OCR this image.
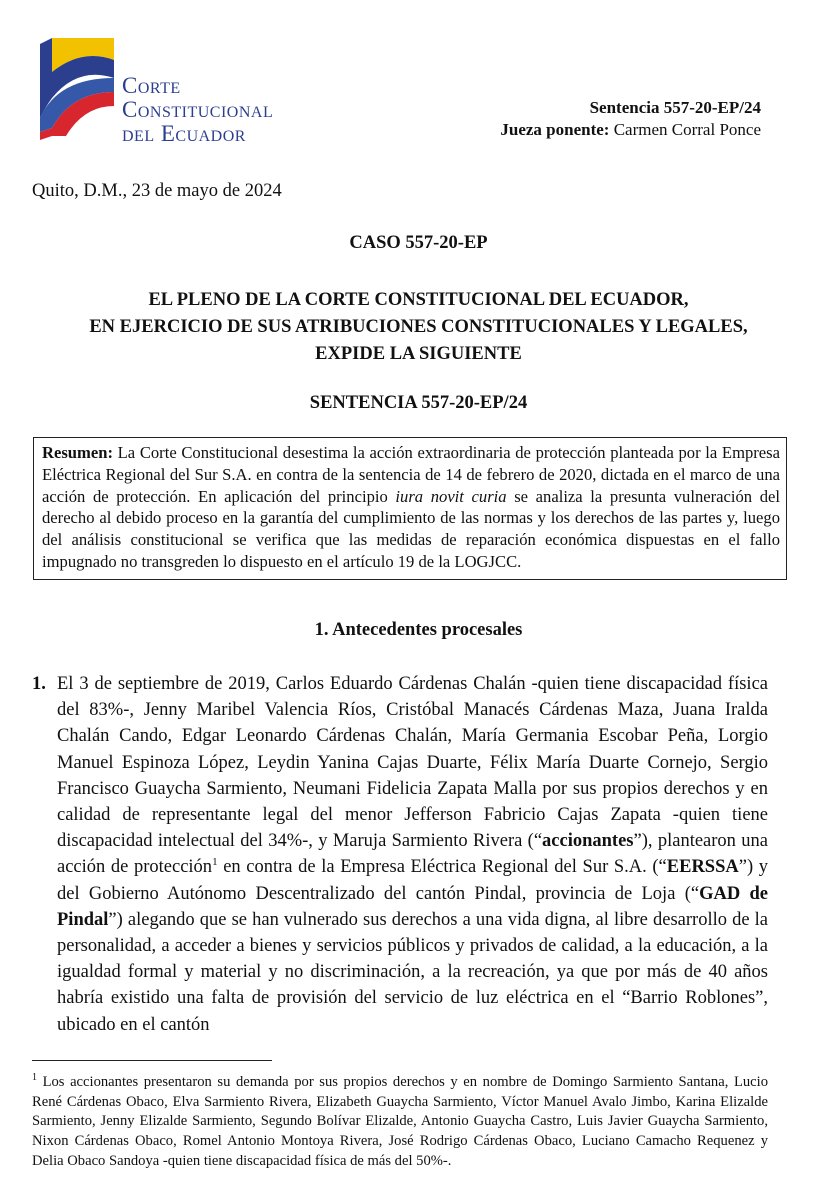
Corte
Constitucional
del Ecuador
Sentencia 557-20-EP/24
Jueza ponente: Carmen Corral Ponce
Quito, D.M., 23 de mayo de 2024
CASO 557-20-EP
EL PLENO DE LA CORTE CONSTITUCIONAL DEL ECUADOR,
EN EJERCICIO DE SUS ATRIBUCIONES CONSTITUCIONALES Y LEGALES,
EXPIDE LA SIGUIENTE
SENTENCIA 557-20-EP/24
Resumen: La Corte Constitucional desestima la acción extraordinaria de protección planteada por la Empresa Eléctrica Regional del Sur S.A. en contra de la sentencia de 14 de febrero de 2020, dictada en el marco de una acción de protección. En aplicación del principio iura novit curia se analiza la presunta vulneración del derecho al debido proceso en la garantía del cumplimiento de las normas y los derechos de las partes y, luego del análisis constitucional se verifica que las medidas de reparación económica dispuestas en el fallo impugnado no transgreden lo dispuesto en el artículo 19 de la LOGJCC.
1. Antecedentes procesales
1. El 3 de septiembre de 2019, Carlos Eduardo Cárdenas Chalán -quien tiene discapacidad física del 83%-, Jenny Maribel Valencia Ríos, Cristóbal Manacés Cárdenas Maza, Juana Iralda Chalán Cando, Edgar Leonardo Cárdenas Chalán, María Germania Escobar Peña, Lorgio Manuel Espinoza López, Leydin Yanina Cajas Duarte, Félix María Duarte Cornejo, Sergio Francisco Guaycha Sarmiento, Neumani Fidelicia Zapata Malla por sus propios derechos y en calidad de representante legal del menor Jefferson Fabricio Cajas Zapata -quien tiene discapacidad intelectual del 34%-, y Maruja Sarmiento Rivera (“accionantes”), plantearon una acción de protección$^1$ en contra de la Empresa Eléctrica Regional del Sur S.A. (“EERSSA”) y del Gobierno Autónomo Descentralizado del cantón Pindal, provincia de Loja (“GAD de Pindal”) alegando que se han vulnerado sus derechos a una vida digna, al libre desarrollo de la personalidad, a acceder a bienes y servicios públicos y privados de calidad, a la educación, a la igualdad formal y material y no discriminación, a la recreación, ya que por más de 40 años habría existido una falta de provisión del servicio de luz eléctrica en el “Barrio Roblones”, ubicado en el cantón
$^1$ Los accionantes presentaron su demanda por sus propios derechos y en nombre de Domingo Sarmiento Santana, Lucio René Cárdenas Obaco, Elva Sarmiento Rivera, Elizabeth Guaycha Sarmiento, Víctor Manuel Avalo Jimbo, Karina Elizalde Sarmiento, Jenny Elizalde Sarmiento, Segundo Bolívar Elizalde, Antonio Guaycha Castro, Luis Javier Guaycha Sarmiento, Nixon Cárdenas Obaco, Romel Antonio Montoya Rivera, José Rodrigo Cárdenas Obaco, Luciano Camacho Requenez y Delia Obaco Sandoya -quien tiene discapacidad física de más del 50%-.
